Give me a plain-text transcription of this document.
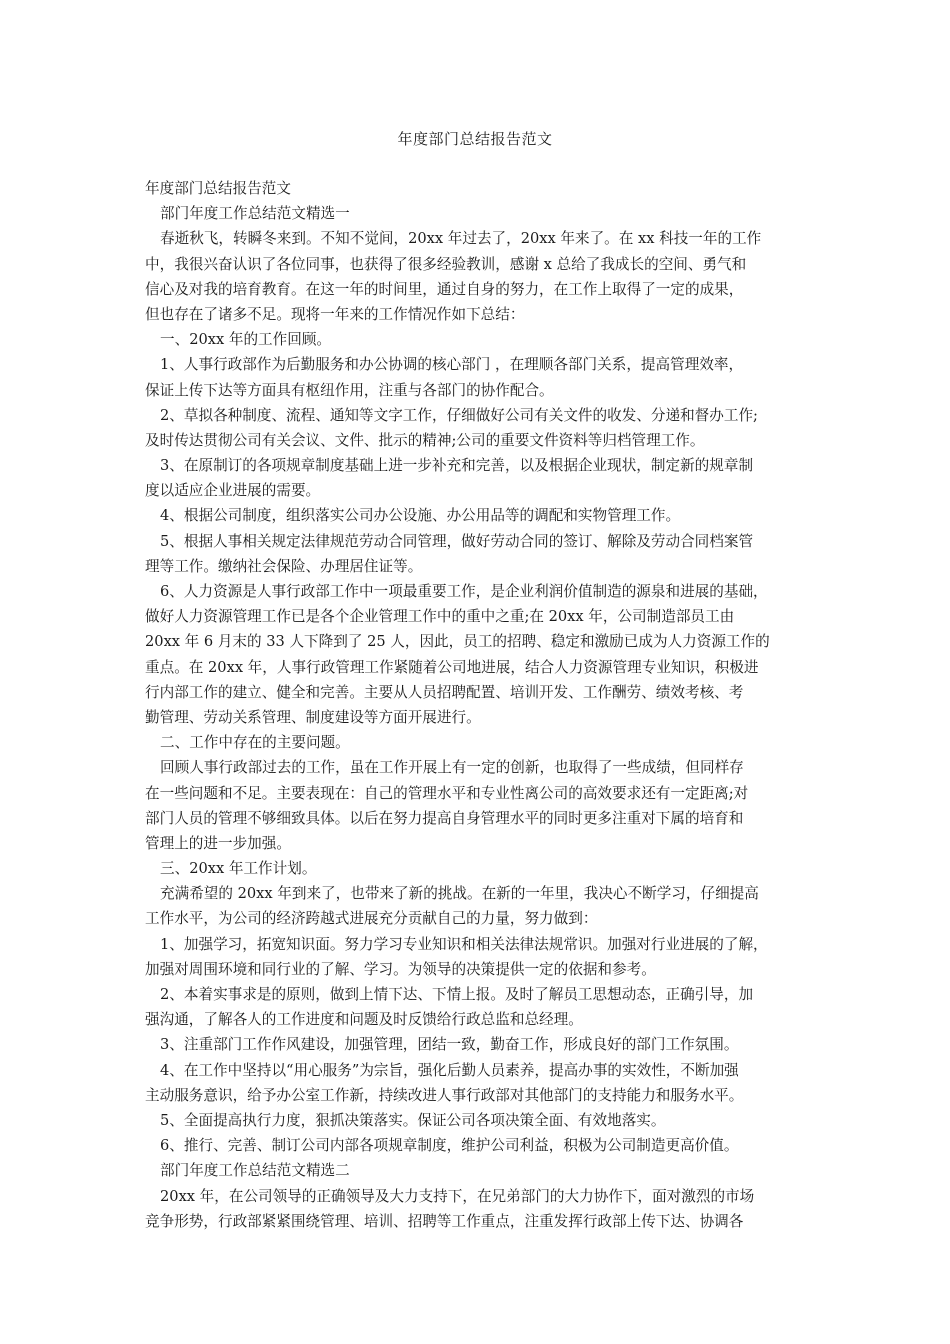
年度部门总结报告范文
年度部门总结报告范文
部门年度工作总结范文精选一
春逝秋飞，转瞬冬来到。不知不觉间，20xx 年过去了，20xx 年来了。在 xx 科技一年的工作
中，我很兴奋认识了各位同事，也获得了很多经验教训，感谢 x 总给了我成长的空间、勇气和
信心及对我的培育教育。在这一年的时间里，通过自身的努力，在工作上取得了一定的成果，
但也存在了诸多不足。现将一年来的工作情况作如下总结：
一、20xx 年的工作回顾。
1、人事行政部作为后勤服务和办公协调的核心部门 ，在理顺各部门关系，提高管理效率，
保证上传下达等方面具有枢纽作用，注重与各部门的协作配合。
2、草拟各种制度、流程、通知等文字工作，仔细做好公司有关文件的收发、分递和督办工作;
及时传达贯彻公司有关会议、文件、批示的精神;公司的重要文件资料等归档管理工作。
3、在原制订的各项规章制度基础上进一步补充和完善，以及根据企业现状，制定新的规章制
度以适应企业进展的需要。
4、根据公司制度，组织落实公司办公设施、办公用品等的调配和实物管理工作。
5、根据人事相关规定法律规范劳动合同管理，做好劳动合同的签订、解除及劳动合同档案管
理等工作。缴纳社会保险、办理居住证等。
6、人力资源是人事行政部工作中一项最重要工作，是企业利润价值制造的源泉和进展的基础，
做好人力资源管理工作已是各个企业管理工作中的重中之重;在 20xx 年，公司制造部员工由
20xx 年 6 月末的 33 人下降到了 25 人，因此，员工的招聘、稳定和激励已成为人力资源工作的
重点。在 20xx 年，人事行政管理工作紧随着公司地进展，结合人力资源管理专业知识，积极进
行内部工作的建立、健全和完善。主要从人员招聘配置、培训开发、工作酬劳、绩效考核、考
勤管理、劳动关系管理、制度建设等方面开展进行。
二、工作中存在的主要问题。
回顾人事行政部过去的工作，虽在工作开展上有一定的创新，也取得了一些成绩，但同样存
在一些问题和不足。主要表现在：自己的管理水平和专业性离公司的高效要求还有一定距离;对
部门人员的管理不够细致具体。以后在努力提高自身管理水平的同时更多注重对下属的培育和
管理上的进一步加强。
三、20xx 年工作计划。
充满希望的 20xx 年到来了，也带来了新的挑战。在新的一年里，我决心不断学习，仔细提高
工作水平，为公司的经济跨越式进展充分贡献自己的力量，努力做到：
1、加强学习，拓宽知识面。努力学习专业知识和相关法律法规常识。加强对行业进展的了解，
加强对周围环境和同行业的了解、学习。为领导的决策提供一定的依据和参考。
2、本着实事求是的原则，做到上情下达、下情上报。及时了解员工思想动态，正确引导，加
强沟通，了解各人的工作进度和问题及时反馈给行政总监和总经理。
3、注重部门工作作风建设，加强管理，团结一致，勤奋工作，形成良好的部门工作氛围。
4、在工作中坚持以“用心服务”为宗旨，强化后勤人员素养，提高办事的实效性，不断加强
主动服务意识，给予办公室工作新，持续改进人事行政部对其他部门的支持能力和服务水平。
5、全面提高执行力度，狠抓决策落实。保证公司各项决策全面、有效地落实。
6、推行、完善、制订公司内部各项规章制度，维护公司利益，积极为公司制造更高价值。
部门年度工作总结范文精选二
20xx 年，在公司领导的正确领导及大力支持下，在兄弟部门的大力协作下，面对激烈的市场
竞争形势，行政部紧紧围绕管理、培训、招聘等工作重点，注重发挥行政部上传下达、协调各
